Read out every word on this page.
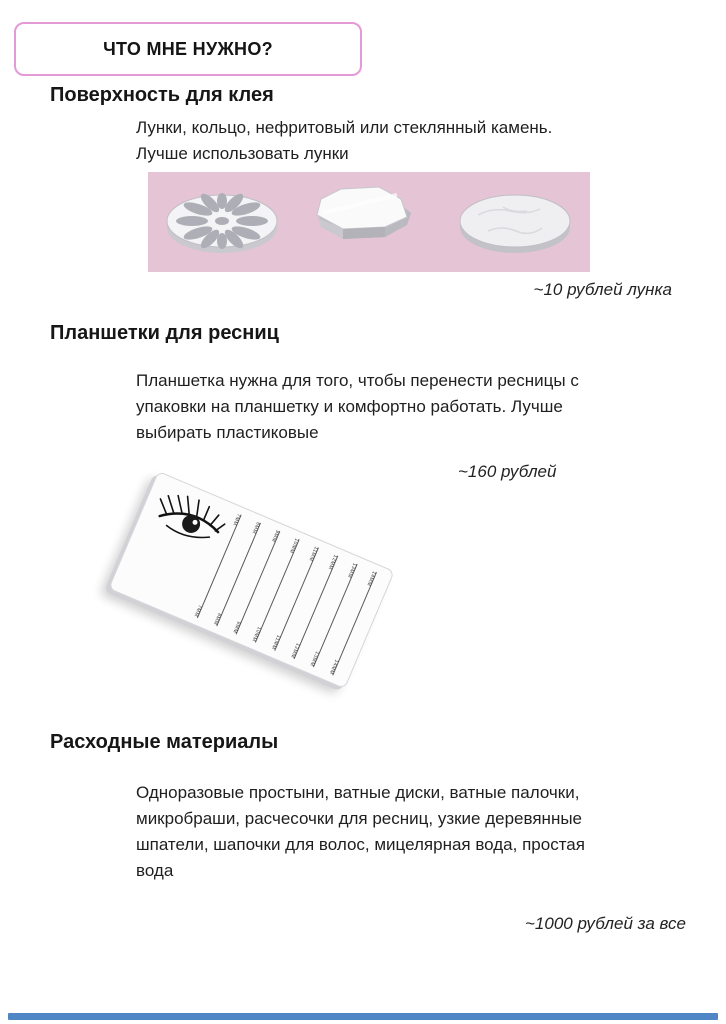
ЧТО МНЕ НУЖНО?
Поверхность для клея
Лунки, кольцо, нефритовый или стеклянный камень.
Лучше использовать лунки
~10 рублей лунка
Планшетки для ресниц
Планшетка нужна для того, чтобы перенести ресницы с
упаковки на планшетку и комфортно работать. Лучше
выбирать пластиковые
~160 рублей
7MM
7MM
8MM
8MM
9MM
9MM
10MM
10MM
11MM
11MM
12MM
12MM
13MM
13MM
14MM
14MM
Расходные материалы
Одноразовые простыни, ватные диски, ватные палочки,
микробраши, расчесочки для ресниц, узкие деревянные
шпатели, шапочки для волос, мицелярная вода, простая
вода
~1000 рублей за все
